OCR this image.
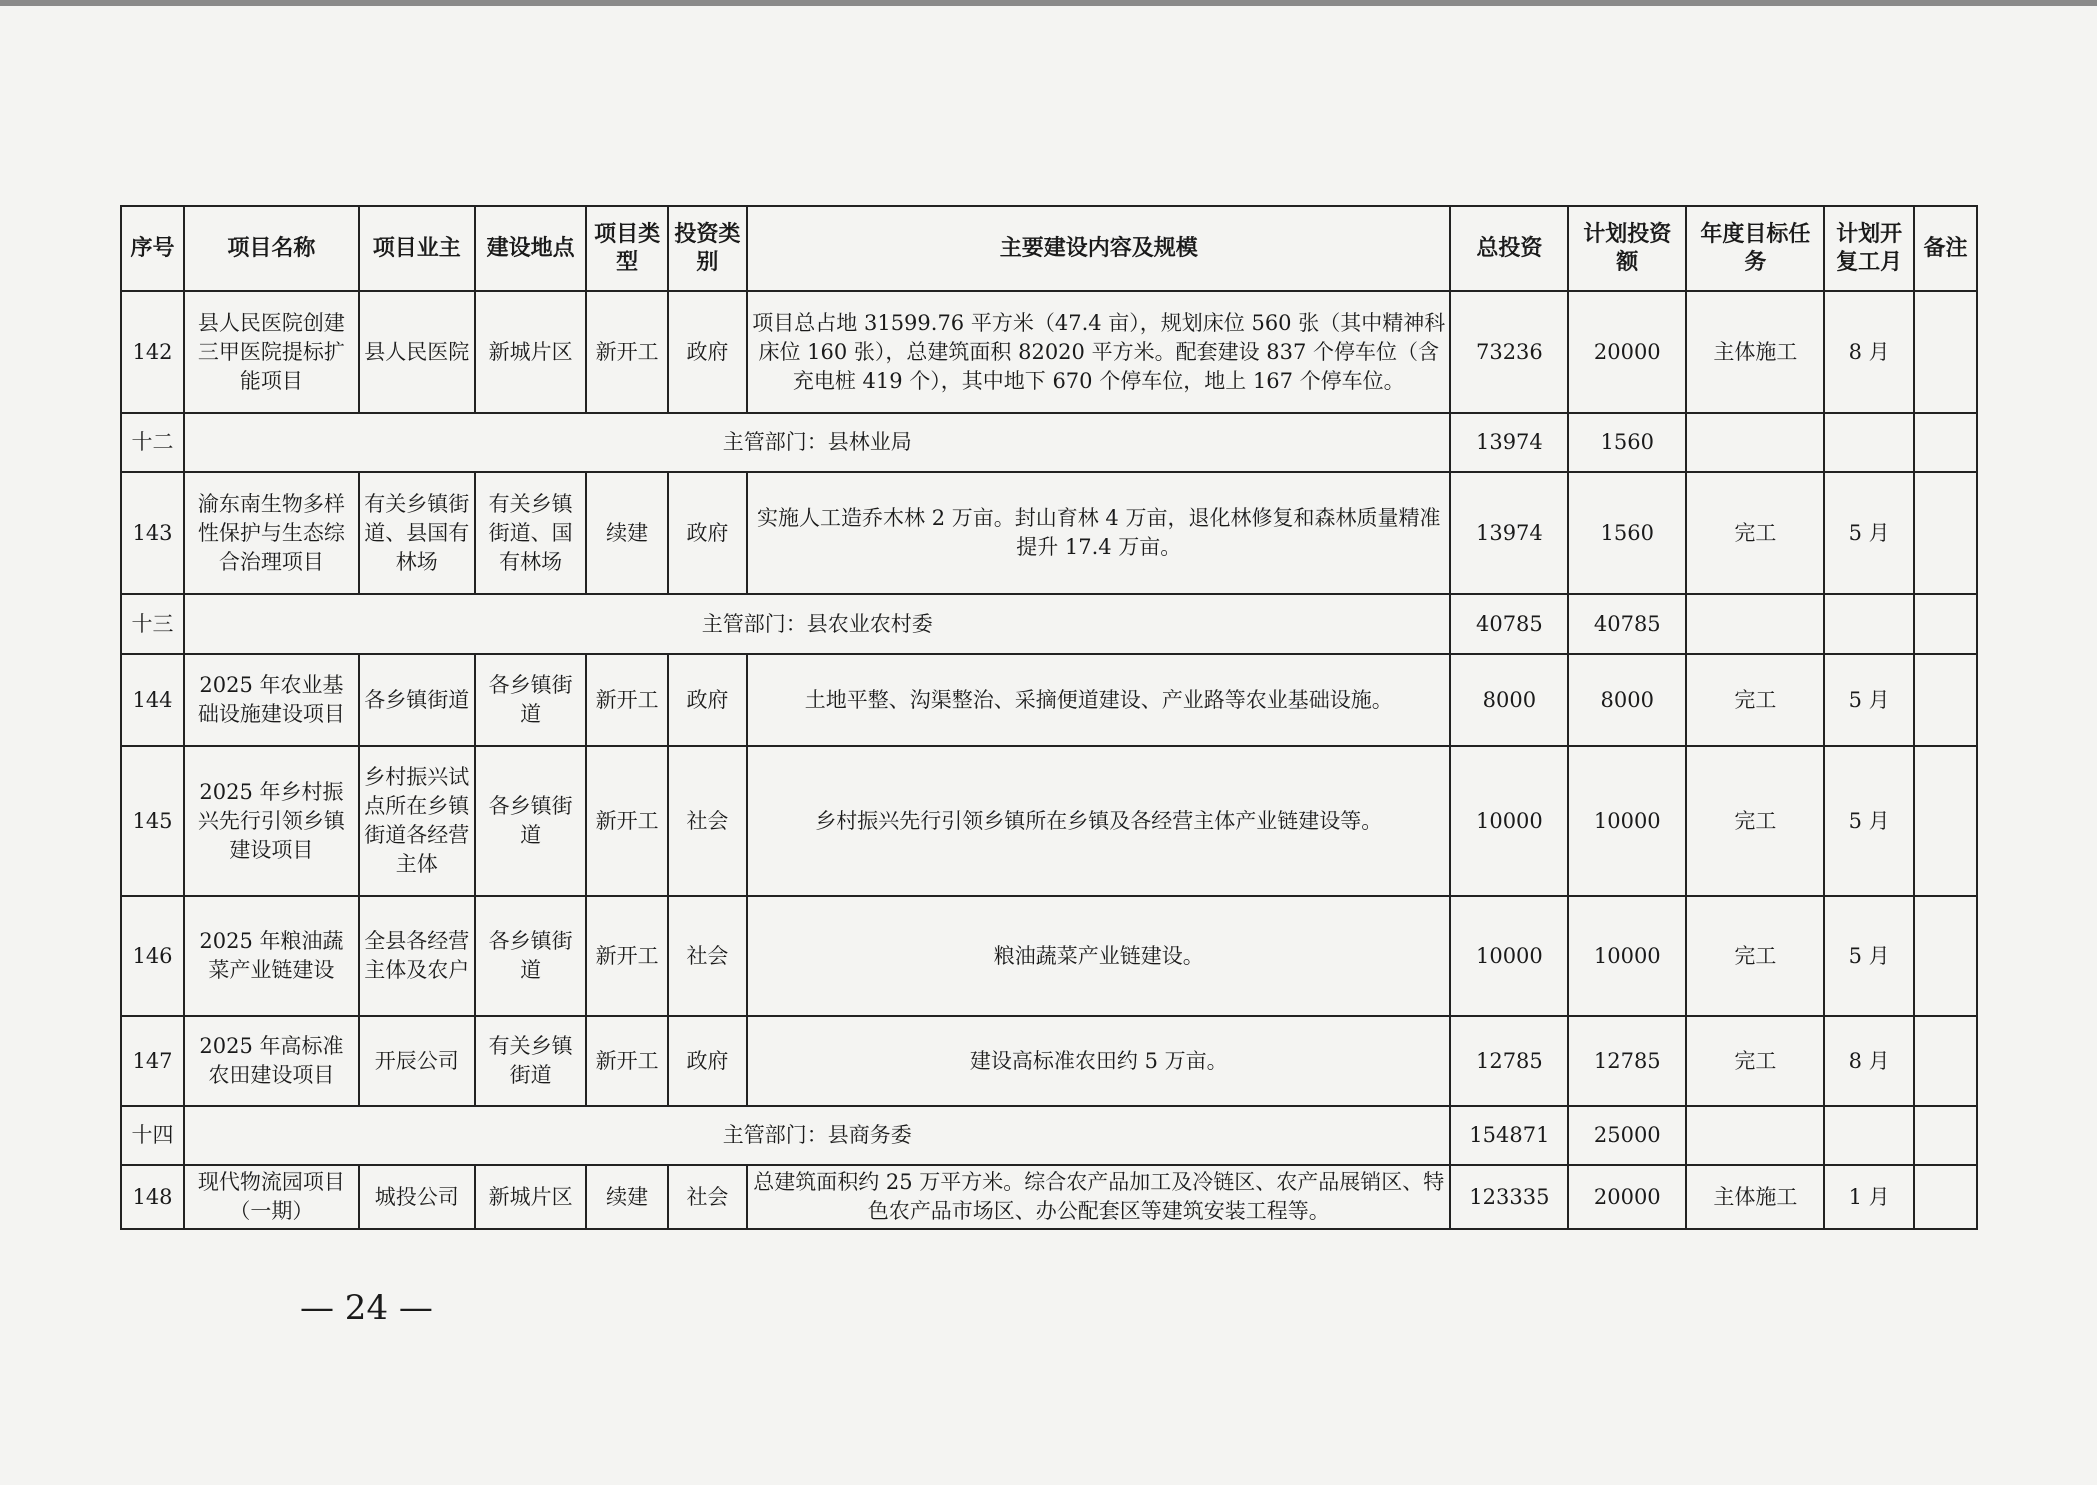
序号	项目名称	项目业主	建设地点	项目类型	投资类别	主要建设内容及规模	总投资	计划投资额	年度目标任务	计划开复工月	备注
142	县人民医院创建三甲医院提标扩能项目	县人民医院	新城片区	新开工	政府	项目总占地 31599.76 平方米（47.4 亩），规划床位 560 张（其中精神科床位 160 张），总建筑面积 82020 平方米。配套建设 837 个停车位（含充电桩 419 个），其中地下 670 个停车位，地上 167 个停车位。	73236	20000	主体施工	8 月	
十二	主管部门：县林业局						13974	1560			
143	渝东南生物多样性保护与生态综合治理项目	有关乡镇街道、县国有林场	有关乡镇街道、国有林场	续建	政府	实施人工造乔木林 2 万亩。封山育林 4 万亩，退化林修复和森林质量精准提升 17.4 万亩。	13974	1560	完工	5 月	
十三	主管部门：县农业农村委						40785	40785			
144	2025 年农业基础设施建设项目	各乡镇街道	各乡镇街道	新开工	政府	土地平整、沟渠整治、采摘便道建设、产业路等农业基础设施。	8000	8000	完工	5 月	
145	2025 年乡村振兴先行引领乡镇建设项目	乡村振兴试点所在乡镇街道各经营主体	各乡镇街道	新开工	社会	乡村振兴先行引领乡镇所在乡镇及各经营主体产业链建设等。	10000	10000	完工	5 月	
146	2025 年粮油蔬菜产业链建设	全县各经营主体及农户	各乡镇街道	新开工	社会	粮油蔬菜产业链建设。	10000	10000	完工	5 月	
147	2025 年高标准农田建设项目	开辰公司	有关乡镇街道	新开工	政府	建设高标准农田约 5 万亩。	12785	12785	完工	8 月	
十四	主管部门：县商务委						154871	25000			
148	现代物流园项目（一期）	城投公司	新城片区	续建	社会	总建筑面积约 25 万平方米。综合农产品加工及冷链区、农产品展销区、特色农产品市场区、办公配套区等建筑安装工程等。	123335	20000	主体施工	1 月	
— 24 —
